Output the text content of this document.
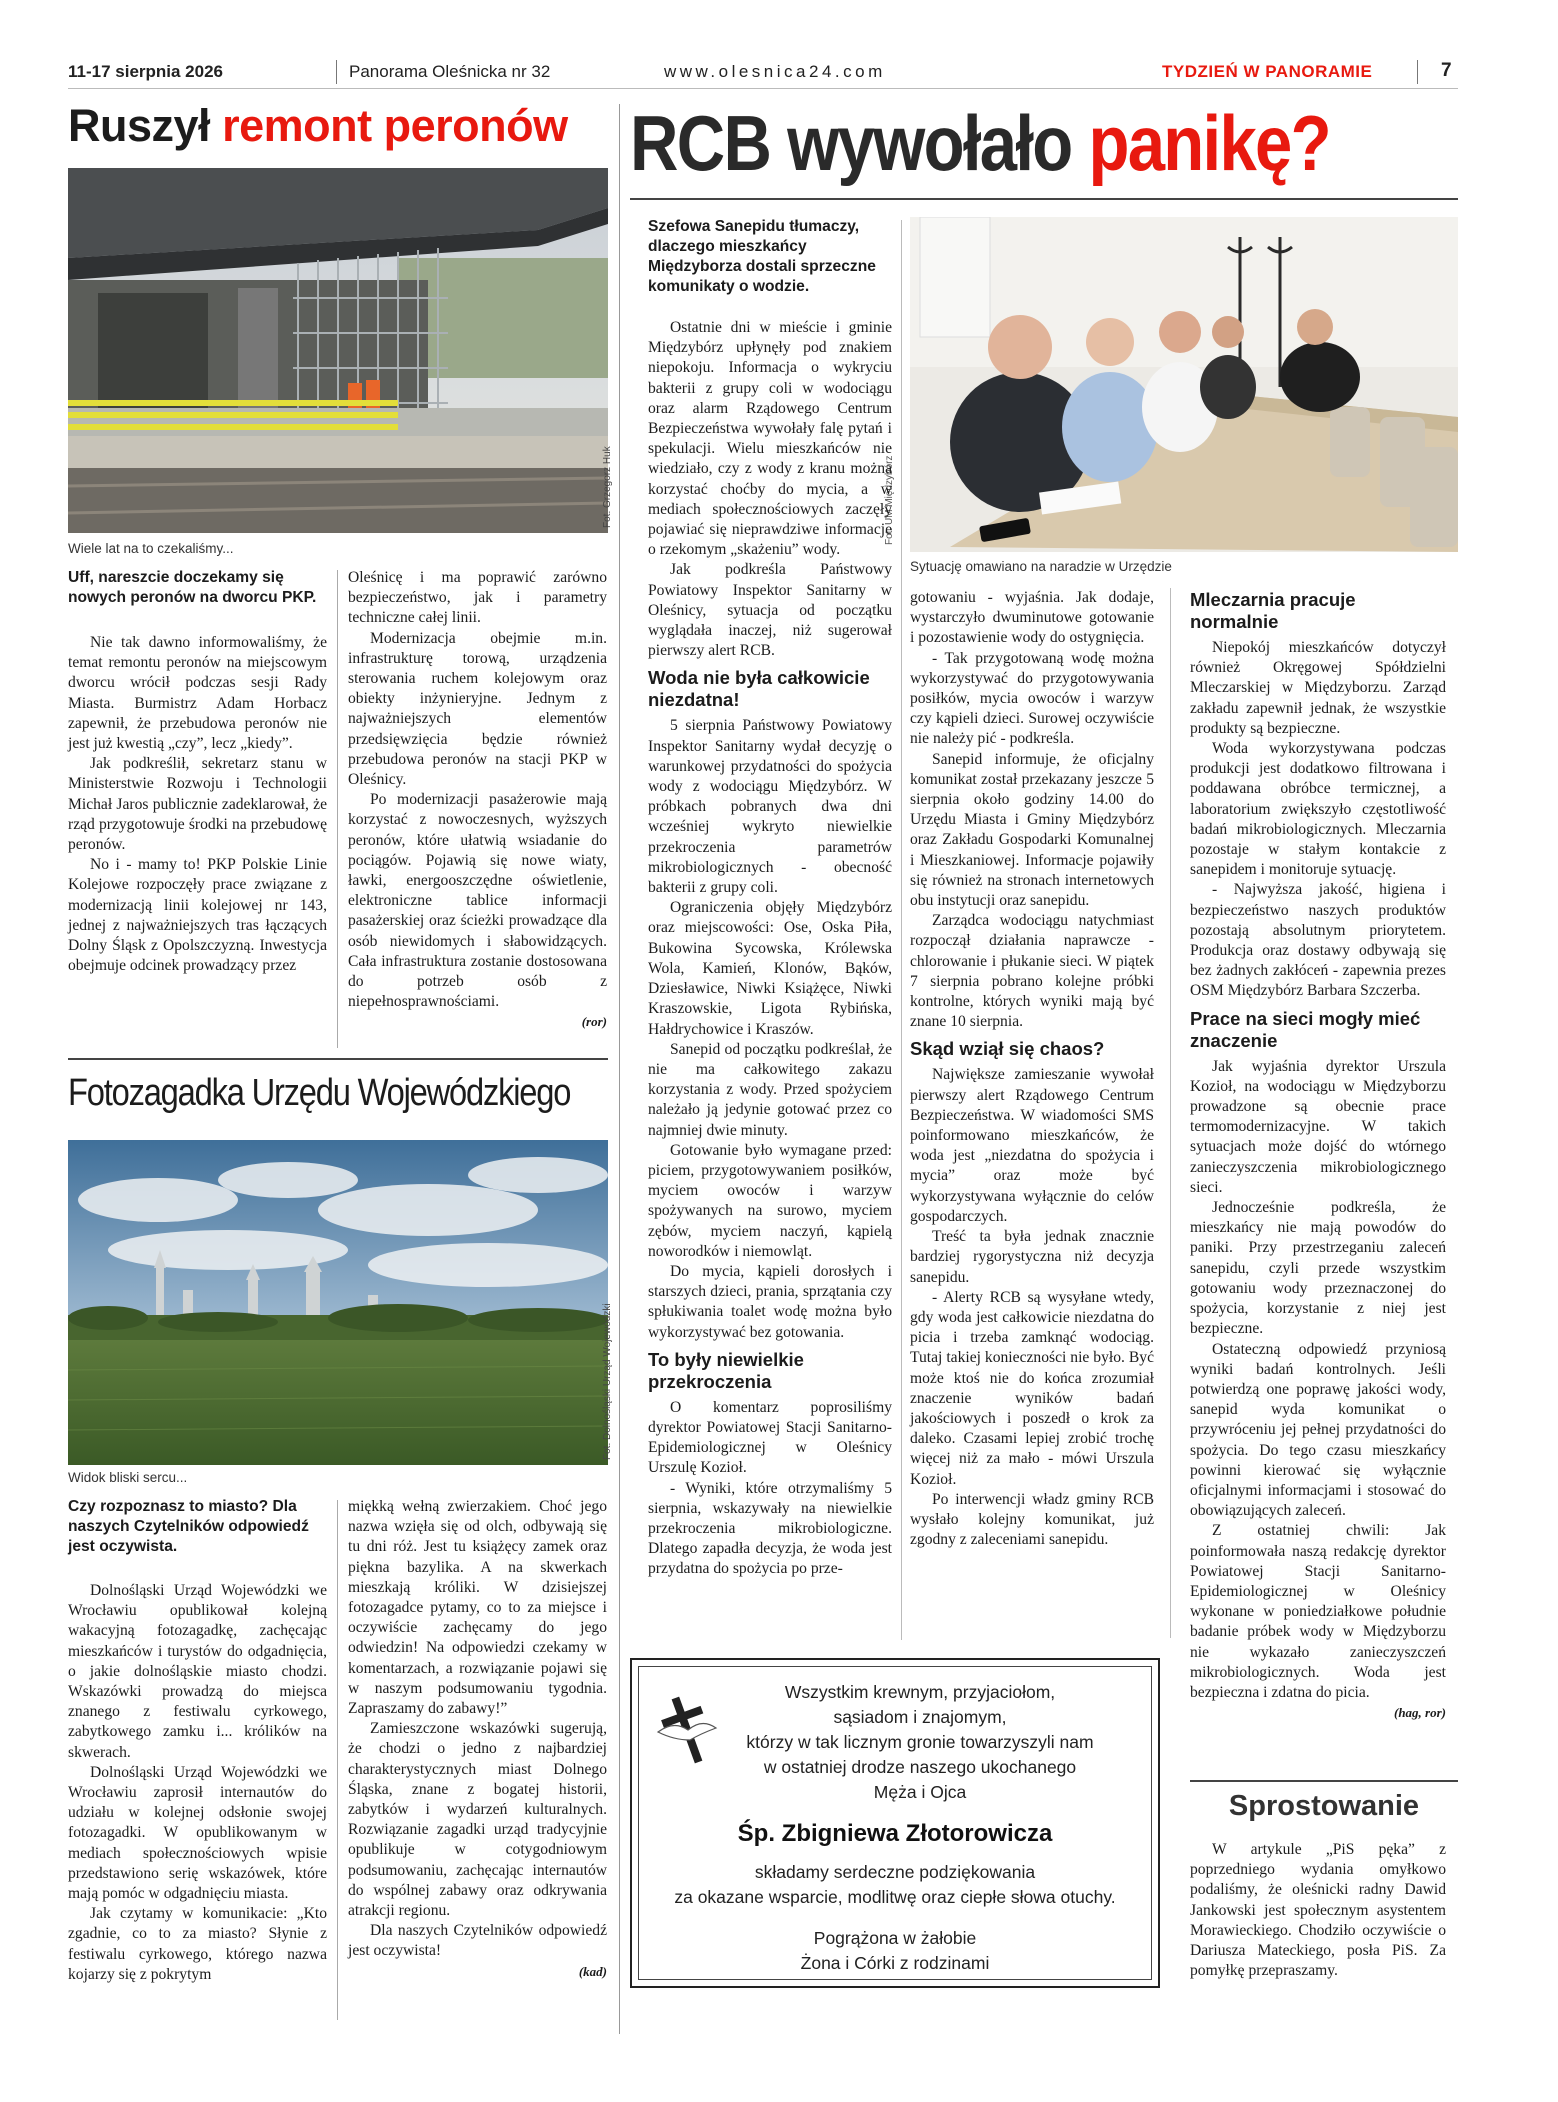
11-17 sierpnia 2026	Panorama Oleśnicka nr 32	www.olesnica24.com	TYDZIEŃ W PANORAMIE	7
Ruszył remont peronów
Fot. Grzegorz Huk
Wiele lat na to czekaliśmy...
Uff, nareszcie doczekamy się nowych peronów na dworcu PKP.

Nie tak dawno informowaliśmy, że temat remontu peronów na miejscowym dworcu wrócił podczas sesji Rady Miasta. Burmistrz Adam Horbacz zapewnił, że przebudowa peronów nie jest już kwestią „czy”, lecz „kiedy”.

Jak podkreślił, sekretarz stanu w Ministerstwie Rozwoju i Technologii Michał Jaros publicznie zadeklarował, że rząd przygotowuje środki na przebudowę peronów.

No i - mamy to! PKP Polskie Linie Kolejowe rozpoczęły prace związane z modernizacją linii kolejowej nr 143, jednej z najważniejszych tras łączących Dolny Śląsk z Opolszczyzną. Inwestycja obejmuje odcinek prowadzący przez

Oleśnicę i ma poprawić zarówno bezpieczeństwo, jak i parametry techniczne całej linii.

Modernizacja obejmie m.in. infrastrukturę torową, urządzenia sterowania ruchem kolejowym oraz obiekty inżynieryjne. Jednym z najważniejszych elementów przedsięwzięcia będzie również przebudowa peronów na stacji PKP w Oleśnicy.

Po modernizacji pasażerowie mają korzystać z nowoczesnych, wyższych peronów, które ułatwią wsiadanie do pociągów. Pojawią się nowe wiaty, ławki, energooszczędne oświetlenie, elektroniczne tablice informacji pasażerskiej oraz ścieżki prowadzące dla osób niewidomych i słabowidzących. Cała infrastruktura zostanie dostosowana do potrzeb osób z niepełnosprawnościami.

(ror)
Fotozagadka Urzędu Wojewódzkiego
Fot. Dolnośląski Urząd Wojewódzki
Widok bliski sercu...
Czy rozpoznasz to miasto? Dla naszych Czytelników odpowiedź jest oczywista.

Dolnośląski Urząd Wojewódzki we Wrocławiu opublikował kolejną wakacyjną fotozagadkę, zachęcając mieszkańców i turystów do odgadnięcia, o jakie dolnośląskie miasto chodzi. Wskazówki prowadzą do miejsca znanego z festiwalu cyrkowego, zabytkowego zamku i... królików na skwerach.

Dolnośląski Urząd Wojewódzki we Wrocławiu zaprosił internautów do udziału w kolejnej odsłonie swojej fotozagadki. W opublikowanym w mediach społecznościowych wpisie przedstawiono serię wskazówek, które mają pomóc w odgadnięciu miasta.

Jak czytamy w komunikacie: „Kto zgadnie, co to za miasto? Słynie z festiwalu cyrkowego, którego nazwa kojarzy się z pokrytym

miękką wełną zwierzakiem. Choć jego nazwa wzięła się od olch, odbywają się tu dni róż. Jest tu książęcy zamek oraz piękna bazylika. A na skwerkach mieszkają króliki. W dzisiejszej fotozagadce pytamy, co to za miejsce i oczywiście zachęcamy do jego odwiedzin! Na odpowiedzi czekamy w komentarzach, a rozwiązanie pojawi się w naszym podsumowaniu tygodnia. Zapraszamy do zabawy!”

Zamieszczone wskazówki sugerują, że chodzi o jedno z najbardziej charakterystycznych miast Dolnego Śląska, znane z bogatej historii, zabytków i wydarzeń kulturalnych. Rozwiązanie zagadki urząd tradycyjnie opublikuje w cotygodniowym podsumowaniu, zachęcając internautów do wspólnej zabawy oraz odkrywania atrakcji regionu.

Dla naszych Czytelników odpowiedź jest oczywista!

(kad)
RCB wywołało panikę?
Fot. UM Międzybórz
Sytuację omawiano na naradzie w Urzędzie
Szefowa Sanepidu tłumaczy, dlaczego mieszkańcy Międzyborza dostali sprzeczne komunikaty o wodzie.

Ostatnie dni w mieście i gminie Międzybórz upłynęły pod znakiem niepokoju. Informacja o wykryciu bakterii z grupy coli w wodociągu oraz alarm Rządowego Centrum Bezpieczeństwa wywołały falę pytań i spekulacji. Wielu mieszkańców nie wiedziało, czy z wody z kranu można korzystać choćby do mycia, a w mediach społecznościowych zaczęły pojawiać się nieprawdziwe informacje o rzekomym „skażeniu” wody.

Jak podkreśla Państwowy Powiatowy Inspektor Sanitarny w Oleśnicy, sytuacja od początku wyglądała inaczej, niż sugerował pierwszy alert RCB.

Woda nie była całkowicie niezdatna!

5 sierpnia Państwowy Powiatowy Inspektor Sanitarny wydał decyzję o warunkowej przydatności do spożycia wody z wodociągu Międzybórz. W próbkach pobranych dwa dni wcześniej wykryto niewielkie przekroczenia parametrów mikrobiologicznych - obecność bakterii z grupy coli.

Ograniczenia objęły Międzybórz oraz miejscowości: Ose, Oska Piła, Bukowina Sycowska, Królewska Wola, Kamień, Klonów, Bąków, Dziesławice, Niwki Książęce, Niwki Kraszowskie, Ligota Rybińska, Hałdrychowice i Kraszów.

Sanepid od początku podkreślał, że nie ma całkowitego zakazu korzystania z wody. Przed spożyciem należało ją jedynie gotować przez co najmniej dwie minuty.

Gotowanie było wymagane przed: piciem, przygotowywaniem posiłków, myciem owoców i warzyw spożywanych na surowo, myciem zębów, myciem naczyń, kąpielą noworodków i niemowląt.

Do mycia, kąpieli dorosłych i starszych dzieci, prania, sprzątania czy spłukiwania toalet wodę można było wykorzystywać bez gotowania.

To były niewielkie przekroczenia

O komentarz poprosiliśmy dyrektor Powiatowej Stacji Sanitarno-Epidemiologicznej w Oleśnicy Urszulę Kozioł.

- Wyniki, które otrzymaliśmy 5 sierpnia, wskazywały na niewielkie przekroczenia mikrobiologiczne. Dlatego zapadła decyzja, że woda jest przydatna do spożycia po prze-

gotowaniu - wyjaśnia. Jak dodaje, wystarczyło dwuminutowe gotowanie i pozostawienie wody do ostygnięcia.

- Tak przygotowaną wodę można wykorzystywać do przygotowywania posiłków, mycia owoców i warzyw czy kąpieli dzieci. Surowej oczywiście nie należy pić - podkreśla.

Sanepid informuje, że oficjalny komunikat został przekazany jeszcze 5 sierpnia około godziny 14.00 do Urzędu Miasta i Gminy Międzybórz oraz Zakładu Gospodarki Komunalnej i Mieszkaniowej. Informacje pojawiły się również na stronach internetowych obu instytucji oraz sanepidu.

Zarządca wodociągu natychmiast rozpoczął działania naprawcze - chlorowanie i płukanie sieci. W piątek 7 sierpnia pobrano kolejne próbki kontrolne, których wyniki mają być znane 10 sierpnia.

Skąd wziął się chaos?

Największe zamieszanie wywołał pierwszy alert Rządowego Centrum Bezpieczeństwa. W wiadomości SMS poinformowano mieszkańców, że woda jest „niezdatna do spożycia i mycia” oraz może być wykorzystywana wyłącznie do celów gospodarczych.

Treść ta była jednak znacznie bardziej rygorystyczna niż decyzja sanepidu.

- Alerty RCB są wysyłane wtedy, gdy woda jest całkowicie niezdatna do picia i trzeba zamknąć wodociąg. Tutaj takiej konieczności nie było. Być może ktoś nie do końca zrozumiał znaczenie wyników badań jakościowych i poszedł o krok za daleko. Czasami lepiej zrobić trochę więcej niż za mało - mówi Urszula Kozioł.

Po interwencji władz gminy RCB wysłało kolejny komunikat, już zgodny z zaleceniami sanepidu.

Mleczarnia pracuje normalnie

Niepokój mieszkańców dotyczył również Okręgowej Spółdzielni Mleczarskiej w Międzyborzu. Zarząd zakładu zapewnił jednak, że wszystkie produkty są bezpieczne.

Woda wykorzystywana podczas produkcji jest dodatkowo filtrowana i poddawana obróbce termicznej, a laboratorium zwiększyło częstotliwość badań mikrobiologicznych. Mleczarnia pozostaje w stałym kontakcie z sanepidem i monitoruje sytuację.

- Najwyższa jakość, higiena i bezpieczeństwo naszych produktów pozostają absolutnym priorytetem. Produkcja oraz dostawy odbywają się bez żadnych zakłóceń - zapewnia prezes OSM Międzybórz Barbara Szczerba.

Prace na sieci mogły mieć znaczenie

Jak wyjaśnia dyrektor Urszula Kozioł, na wodociągu w Międzyborzu prowadzone są obecnie prace termomodernizacyjne. W takich sytuacjach może dojść do wtórnego zanieczyszczenia mikrobiologicznego sieci.

Jednocześnie podkreśla, że mieszkańcy nie mają powodów do paniki. Przy przestrzeganiu zaleceń sanepidu, czyli przede wszystkim gotowaniu wody przeznaczonej do spożycia, korzystanie z niej jest bezpieczne.

Ostateczną odpowiedź przyniosą wyniki badań kontrolnych. Jeśli potwierdzą one poprawę jakości wody, sanepid wyda komunikat o przywróceniu jej pełnej przydatności do spożycia. Do tego czasu mieszkańcy powinni kierować się wyłącznie oficjalnymi informacjami i stosować do obowiązujących zaleceń.

Z ostatniej chwili: Jak poinformowała naszą redakcję dyrektor Powiatowej Stacji Sanitarno-Epidemiologicznej w Oleśnicy wykonane w poniedziałkowe południe badanie próbek wody w Międzyborzu nie wykazało zanieczyszczeń mikrobiologicznych. Woda jest bezpieczna i zdatna do picia.

(hag, ror)
Wszystkim krewnym, przyjaciołom,
sąsiadom i znajomym,
którzy w tak licznym gronie towarzyszyli nam
w ostatniej drodze naszego ukochanego
Męża i Ojca
Śp. Zbigniewa Złotorowicza
składamy serdeczne podziękowania
za okazane wsparcie, modlitwę oraz ciepłe słowa otuchy.
Pogrążona w żałobie
Żona i Córki z rodzinami
Sprostowanie

W artykule „PiS pęka” z poprzedniego wydania omyłkowo podaliśmy, że oleśnicki radny Dawid Jankowski jest społecznym asystentem Morawieckiego. Chodziło oczywiście o Dariusza Mateckiego, posła PiS. Za pomyłkę przepraszamy.
